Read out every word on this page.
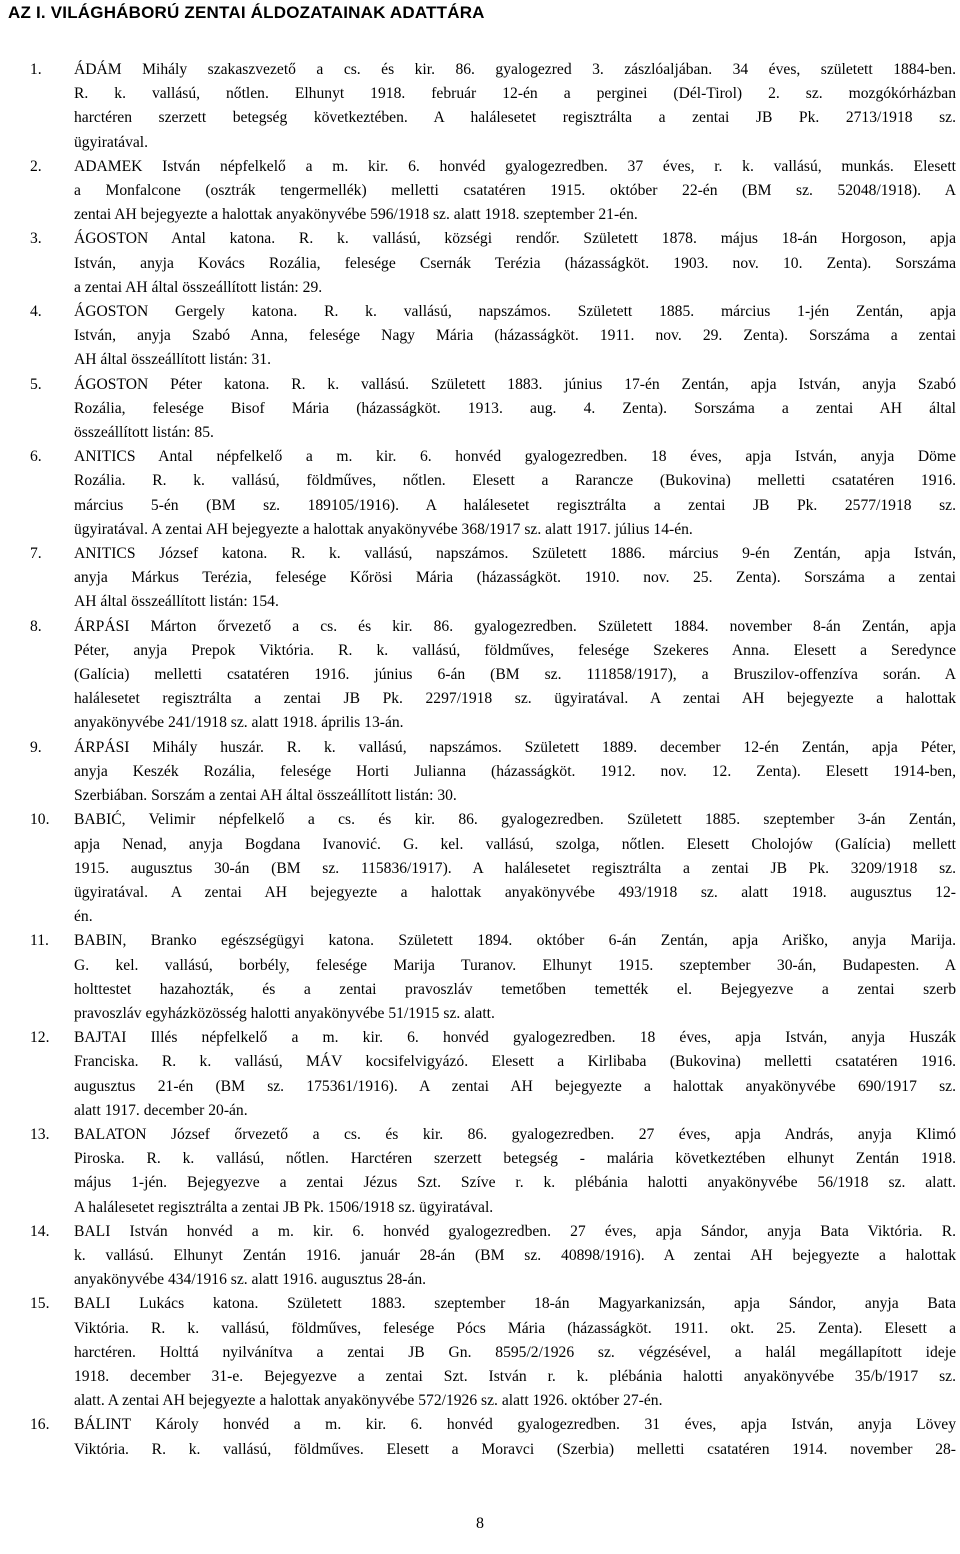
AZ I. VILÁGHÁBORÚ ZENTAI ÁLDOZATAINAK ADATTÁRA
1.	ÁDÁM Mihály szakaszvezető a cs. és kir. 86. gyalogezred 3. zászlóaljában. 34 éves, született 1884-ben.
R. k. vallású, nőtlen. Elhunyt 1918. február 12-én a perginei (Dél-Tirol) 2. sz. mozgókórházban
harctéren szerzett betegség következtében. A halálesetet regisztrálta a zentai JB Pk. 2713/1918 sz.
ügyiratával.
2.	ADAMEK István népfelkelő a m. kir. 6. honvéd gyalogezredben. 37 éves, r. k. vallású, munkás. Elesett
a Monfalcone (osztrák tengermellék) melletti csatatéren 1915. október 22-én (BM sz. 52048/1918). A
zentai AH bejegyezte a halottak anyakönyvébe 596/1918 sz. alatt 1918. szeptember 21-én.
3.	ÁGOSTON Antal katona. R. k. vallású, községi rendőr. Született 1878. május 18-án Horgoson, apja
István, anyja Kovács Rozália, felesége Csernák Terézia (házasságköt. 1903. nov. 10. Zenta). Sorszáma
a zentai AH által összeállított listán: 29.
4.	ÁGOSTON Gergely katona. R. k. vallású, napszámos. Született 1885. március 1-jén Zentán, apja
István, anyja Szabó Anna, felesége Nagy Mária (házasságköt. 1911. nov. 29. Zenta). Sorszáma a zentai
AH által összeállított listán: 31.
5.	ÁGOSTON Péter katona. R. k. vallású. Született 1883. június 17-én Zentán, apja István, anyja Szabó
Rozália, felesége Bisof Mária (házasságköt. 1913. aug. 4. Zenta). Sorszáma a zentai AH által
összeállított listán: 85.
6.	ANITICS Antal népfelkelő a m. kir. 6. honvéd gyalogezredben. 18 éves, apja István, anyja Döme
Rozália. R. k. vallású, földműves, nőtlen. Elesett a Rarancze (Bukovina) melletti csatatéren 1916.
március 5-én (BM sz. 189105/1916). A halálesetet regisztrálta a zentai JB Pk. 2577/1918 sz.
ügyiratával. A zentai AH bejegyezte a halottak anyakönyvébe 368/1917 sz. alatt 1917. július 14-én.
7.	ANITICS József katona. R. k. vallású, napszámos. Született 1886. március 9-én Zentán, apja István,
anyja Márkus Terézia, felesége Kőrösi Mária (házasságköt. 1910. nov. 25. Zenta). Sorszáma a zentai
AH által összeállított listán: 154.
8.	ÁRPÁSI Márton őrvezető a cs. és kir. 86. gyalogezredben. Született 1884. november 8-án Zentán, apja
Péter, anyja Prepok Viktória. R. k. vallású, földműves, felesége Szekeres Anna. Elesett a Seredynce
(Galícia) melletti csatatéren 1916. június 6-án (BM sz. 111858/1917), a Bruszilov-offenzíva során. A
halálesetet regisztrálta a zentai JB Pk. 2297/1918 sz. ügyiratával. A zentai AH bejegyezte a halottak
anyakönyvébe 241/1918 sz. alatt 1918. április 13-án.
9.	ÁRPÁSI Mihály huszár. R. k. vallású, napszámos. Született 1889. december 12-én Zentán, apja Péter,
anyja Keszék Rozália, felesége Horti Julianna (házasságköt. 1912. nov. 12. Zenta). Elesett 1914-ben,
Szerbiában. Sorszám a zentai AH által összeállított listán: 30.
10.	BABIĆ, Velimir népfelkelő a cs. és kir. 86. gyalogezredben. Született 1885. szeptember 3-án Zentán,
apja Nenad, anyja Bogdana Ivanović. G. kel. vallású, szolga, nőtlen. Elesett Cholojów (Galícia) mellett
1915. augusztus 30-án (BM sz. 115836/1917). A halálesetet regisztrálta a zentai JB Pk. 3209/1918 sz.
ügyiratával. A zentai AH bejegyezte a halottak anyakönyvébe 493/1918 sz. alatt 1918. augusztus 12-
én.
11.	BABIN, Branko egészségügyi katona. Született 1894. október 6-án Zentán, apja Ariško, anyja Marija.
G. kel. vallású, borbély, felesége Marija Turanov. Elhunyt 1915. szeptember 30-án, Budapesten. A
holttestet hazahozták, és a zentai pravoszláv temetőben temették el. Bejegyezve a zentai szerb
pravoszláv egyházközösség halotti anyakönyvébe 51/1915 sz. alatt.
12.	BAJTAI Illés népfelkelő a m. kir. 6. honvéd gyalogezredben. 18 éves, apja István, anyja Huszák
Franciska. R. k. vallású, MÁV kocsifelvigyázó. Elesett a Kirlibaba (Bukovina) melletti csatatéren 1916.
augusztus 21-én (BM sz. 175361/1916). A zentai AH bejegyezte a halottak anyakönyvébe 690/1917 sz.
alatt 1917. december 20-án.
13.	BALATON József őrvezető a cs. és kir. 86. gyalogezredben. 27 éves, apja András, anyja Klimó
Piroska. R. k. vallású, nőtlen. Harctéren szerzett betegség - malária következtében elhunyt Zentán 1918.
május 1-jén. Bejegyezve a zentai Jézus Szt. Szíve r. k. plébánia halotti anyakönyvébe 56/1918 sz. alatt.
A halálesetet regisztrálta a zentai JB Pk. 1506/1918 sz. ügyiratával.
14.	BALI István honvéd a m. kir. 6. honvéd gyalogezredben. 27 éves, apja Sándor, anyja Bata Viktória. R.
k. vallású. Elhunyt Zentán 1916. január 28-án (BM sz. 40898/1916). A zentai AH bejegyezte a halottak
anyakönyvébe 434/1916 sz. alatt 1916. augusztus 28-án.
15.	BALI Lukács katona. Született 1883. szeptember 18-án Magyarkanizsán, apja Sándor, anyja Bata
Viktória. R. k. vallású, földműves, felesége Pócs Mária (házasságköt. 1911. okt. 25. Zenta). Elesett a
harctéren. Holttá nyilvánítva a zentai JB Gn. 8595/2/1926 sz. végzésével, a halál megállapított ideje
1918. december 31-e. Bejegyezve a zentai Szt. István r. k. plébánia halotti anyakönyvébe 35/b/1917 sz.
alatt. A zentai AH bejegyezte a halottak anyakönyvébe 572/1926 sz. alatt 1926. október 27-én.
16.	BÁLINT Károly honvéd a m. kir. 6. honvéd gyalogezredben. 31 éves, apja István, anyja Lövey
Viktória. R. k. vallású, földműves. Elesett a Moravci (Szerbia) melletti csatatéren 1914. november 28-
8
